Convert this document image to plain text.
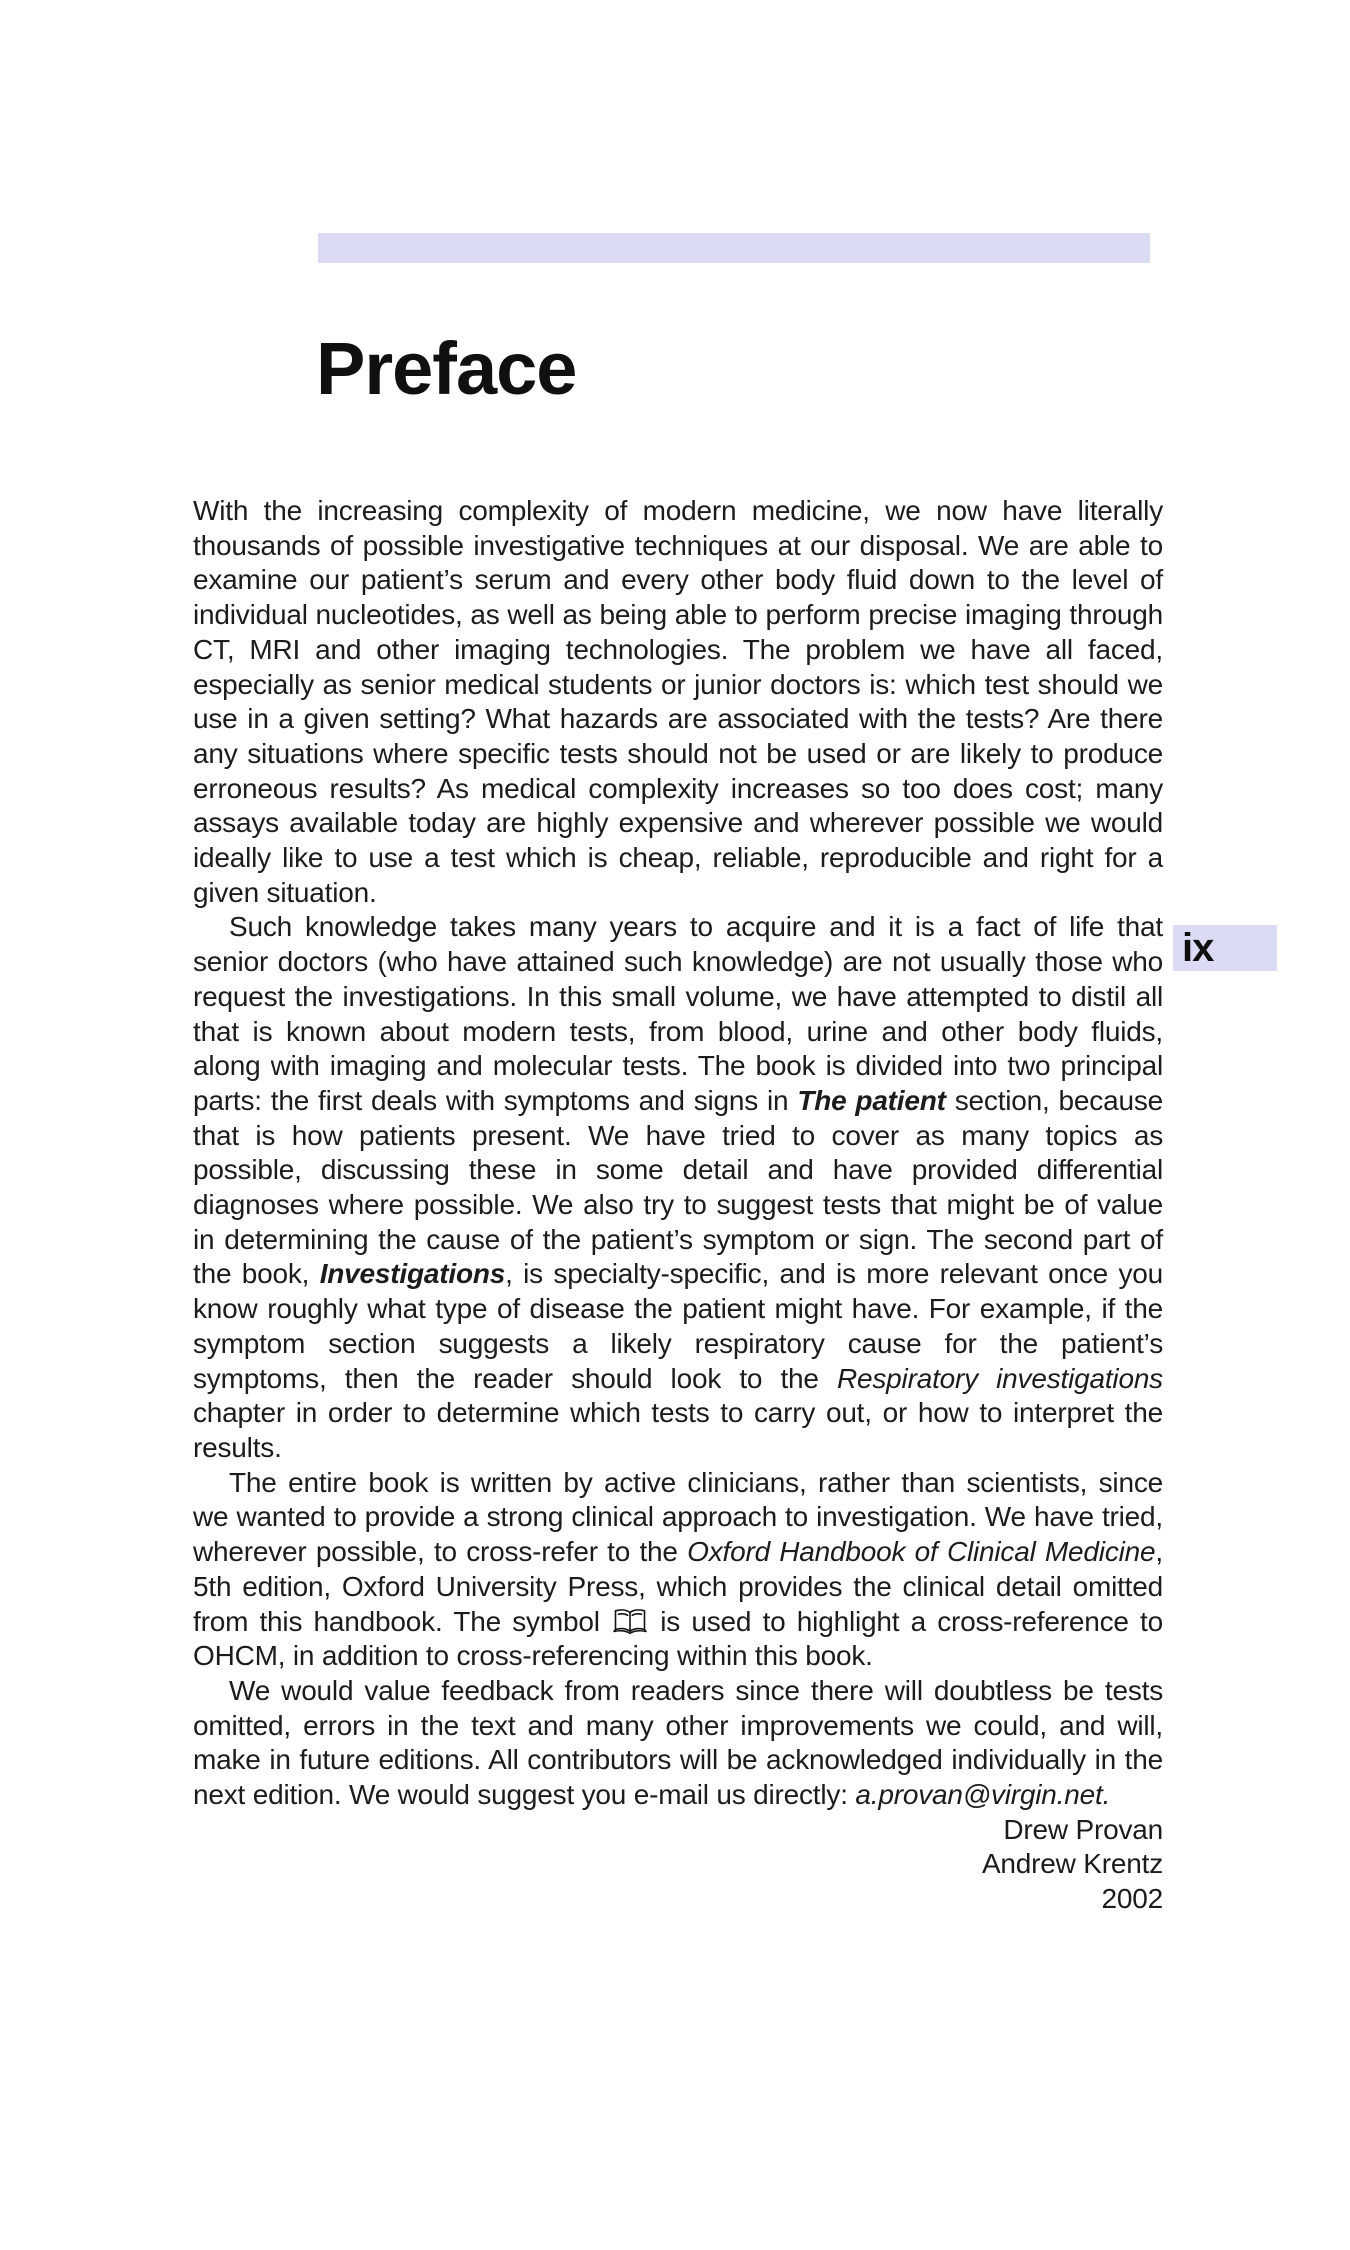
Preface

With the increasing complexity of modern medicine, we now have literally thousands of possible investigative techniques at our disposal. We are able to examine our patient’s serum and every other body fluid down to the level of individual nucleotides, as well as being able to perform precise imaging through CT, MRI and other imaging technologies. The problem we have all faced, especially as senior medical students or junior doctors is: which test should we use in a given setting? What hazards are associated with the tests? Are there any situations where specific tests should not be used or are likely to produce erroneous results? As medical complexity increases so too does cost; many assays available today are highly expensive and wherever possible we would ideally like to use a test which is cheap, reliable, reproducible and right for a given situation.

Such knowledge takes many years to acquire and it is a fact of life that senior doctors (who have attained such knowledge) are not usually those who request the investigations. In this small volume, we have attempted to distil all that is known about modern tests, from blood, urine and other body fluids, along with imaging and molecular tests. The book is divided into two principal parts: the first deals with symptoms and signs in The patient section, because that is how patients present. We have tried to cover as many topics as possible, discussing these in some detail and have provided differential diagnoses where possible. We also try to suggest tests that might be of value in determining the cause of the patient’s symptom or sign. The second part of the book, Investigations, is specialty-specific, and is more relevant once you know roughly what type of disease the patient might have. For example, if the symptom section suggests a likely respiratory cause for the patient’s symptoms, then the reader should look to the Respiratory investigations chapter in order to determine which tests to carry out, or how to interpret the results.

The entire book is written by active clinicians, rather than scientists, since we wanted to provide a strong clinical approach to investigation. We have tried, wherever possible, to cross-refer to the Oxford Handbook of Clinical Medicine, 5th edition, Oxford University Press, which provides the clinical detail omitted from this handbook. The symbol
is used to highlight a cross-reference to OHCM, in addition to cross-referencing within this book.

We would value feedback from readers since there will doubtless be tests omitted, errors in the text and many other improvements we could, and will, make in future editions. All contributors will be acknowledged individually in the next edition. We would suggest you e-mail us directly: a.provan@virgin.net.

Drew Provan
Andrew Krentz
2002
ix
